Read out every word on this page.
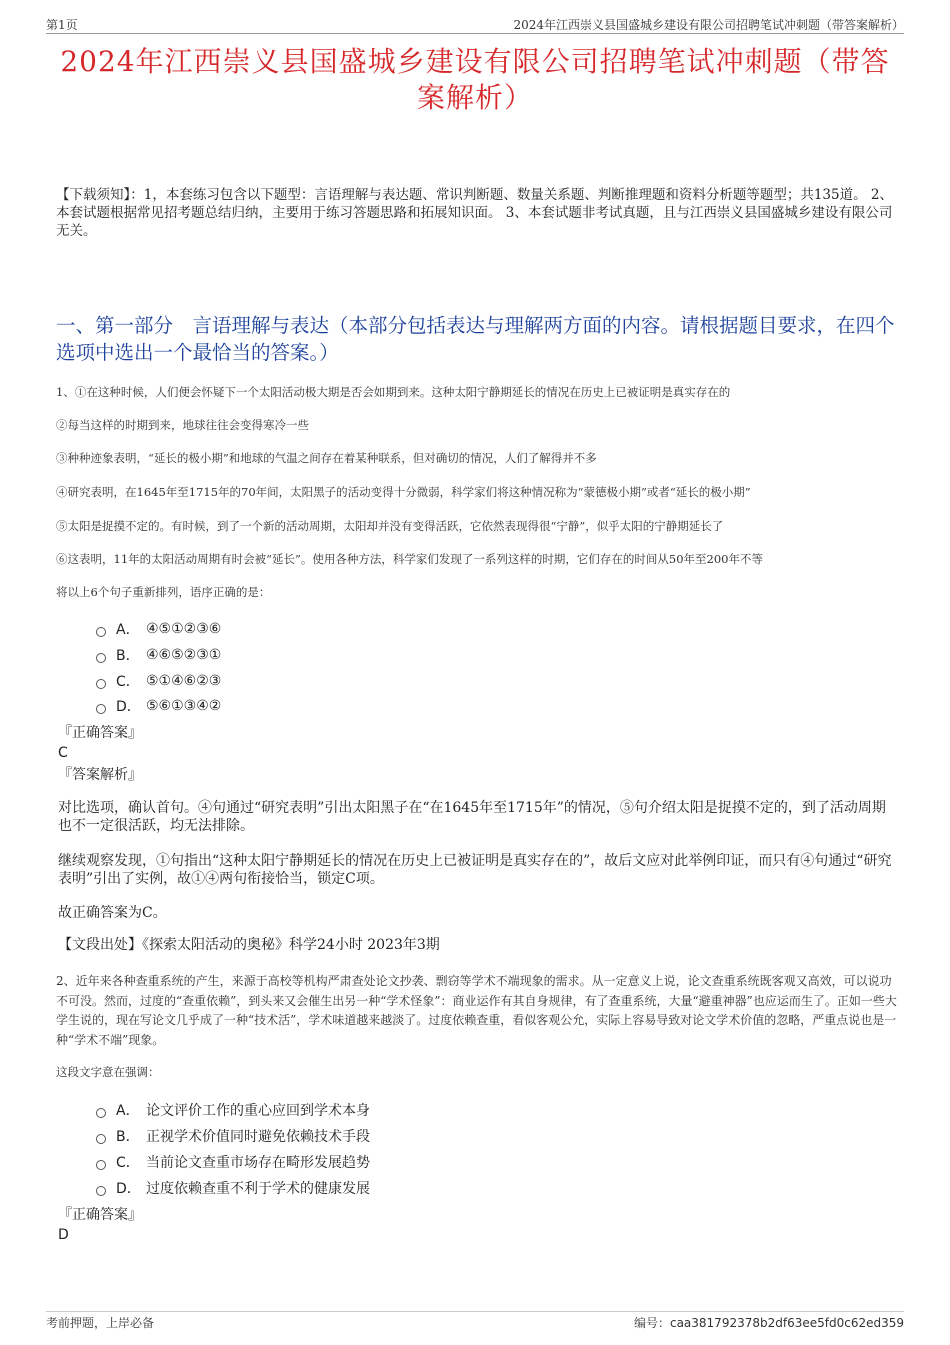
第1页	2024年江西崇义县国盛城乡建设有限公司招聘笔试冲刺题（带答案解析）
2024年江西崇义县国盛城乡建设有限公司招聘笔试冲刺题（带答案解析）
【下载须知】：1，本套练习包含以下题型：言语理解与表达题、常识判断题、数量关系题、判断推理题和资料分析题等题型；共135道。 2、本套试题根据常见招考题总结归纳，主要用于练习答题思路和拓展知识面。 3、本套试题非考试真题，且与江西崇义县国盛城乡建设有限公司无关。
一、第一部分　言语理解与表达（本部分包括表达与理解两方面的内容。请根据题目要求，在四个选项中选出一个最恰当的答案。）
1、①在这种时候，人们便会怀疑下一个太阳活动极大期是否会如期到来。这种太阳宁静期延长的情况在历史上已被证明是真实存在的
②每当这样的时期到来，地球往往会变得寒冷一些
③种种迹象表明，“延长的极小期”和地球的气温之间存在着某种联系，但对确切的情况，人们了解得并不多
④研究表明，在1645年至1715年的70年间，太阳黑子的活动变得十分微弱，科学家们将这种情况称为“蒙德极小期”或者“延长的极小期”
⑤太阳是捉摸不定的。有时候，到了一个新的活动周期，太阳却并没有变得活跃，它依然表现得很“宁静”，似乎太阳的宁静期延长了
⑥这表明，11年的太阳活动周期有时会被“延长”。使用各种方法，科学家们发现了一系列这样的时期，它们存在的时间从50年至200年不等
将以上6个句子重新排列，语序正确的是：
A． ④⑤①②③⑥
B． ④⑥⑤②③①
C． ⑤①④⑥②③
D． ⑤⑥①③④②
『正确答案』
C
『答案解析』
对比选项，确认首句。④句通过“研究表明”引出太阳黑子在“在1645年至1715年”的情况，⑤句介绍太阳是捉摸不定的，到了活动周期也不一定很活跃，均无法排除。
继续观察发现，①句指出“这种太阳宁静期延长的情况在历史上已被证明是真实存在的”，故后文应对此举例印证，而只有④句通过“研究表明”引出了实例，故①④两句衔接恰当，锁定C项。
故正确答案为C。
【文段出处】《探索太阳活动的奥秘》科学24小时 2023年3期
2、近年来各种查重系统的产生，来源于高校等机构严肃查处论文抄袭、剽窃等学术不端现象的需求。从一定意义上说，论文查重系统既客观又高效，可以说功不可没。然而，过度的“查重依赖”，到头来又会催生出另一种“学术怪象”：商业运作有其自身规律，有了查重系统，大量“避重神器”也应运而生了。正如一些大学生说的，现在写论文几乎成了一种“技术活”，学术味道越来越淡了。过度依赖查重，看似客观公允，实际上容易导致对论文学术价值的忽略，严重点说也是一种“学术不端”现象。
这段文字意在强调：
A． 论文评价工作的重心应回到学术本身
B． 正视学术价值同时避免依赖技术手段
C． 当前论文查重市场存在畸形发展趋势
D． 过度依赖查重不利于学术的健康发展
『正确答案』
D
考前押题，上岸必备	编号：caa381792378b2df63ee5fd0c62ed359
